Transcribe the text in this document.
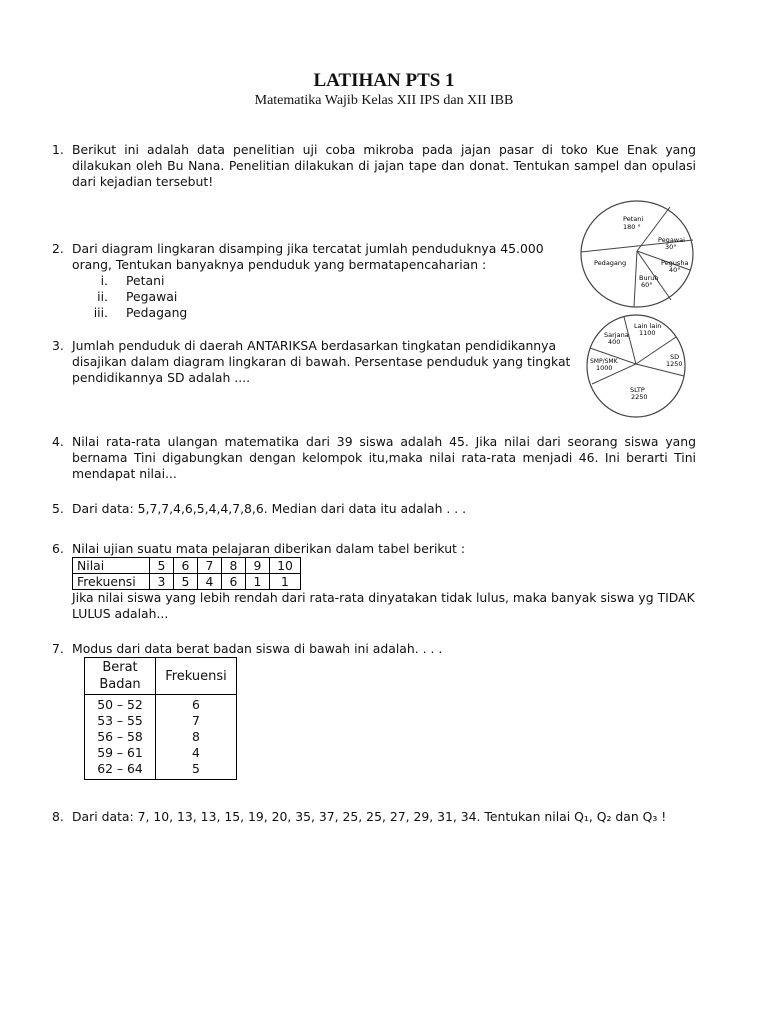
LATIHAN PTS 1
Matematika Wajib Kelas XII IPS dan XII IBB
1. Berikut ini adalah data penelitian uji coba mikroba pada jajan pasar di toko Kue Enak yang dilakukan oleh Bu Nana. Penelitian dilakukan di jajan tape dan donat. Tentukan sampel dan opulasi dari kejadian tersebut!
Petani
180 °
Pegawai
30°
Pegusha
40°
Buruh
60°
Pedagang
2. Dari diagram lingkaran disamping jika tercatat jumlah penduduknya 45.000
orang, Tentukan banyaknya penduduk yang bermatapencaharian :
i. Petani
ii. Pegawai
iii. Pedagang
Lain lain
1100
SD
1250
SLTP
2250
SMP/SMK
1000
Sarjana
400
3. Jumlah penduduk di daerah ANTARIKSA berdasarkan tingkatan pendidikannya
disajikan dalam diagram lingkaran di bawah. Persentase penduduk yang tingkat
pendidikannya SD adalah ....
4. Nilai rata-rata ulangan matematika dari 39 siswa adalah 45. Jika nilai dari seorang siswa yang bernama Tini digabungkan dengan kelompok itu,maka nilai rata-rata menjadi 46. Ini berarti Tini mendapat nilai...
5. Dari data: 5,7,7,4,6,5,4,4,7,8,6. Median dari data itu adalah . . .
6. Nilai ujian suatu mata pelajaran diberikan dalam tabel berikut :
Nilai	5	6	7	8	9	10
Frekuensi	3	5	4	6	1	1
Jika nilai siswa yang lebih rendah dari rata-rata dinyatakan tidak lulus, maka banyak siswa yg TIDAK
LULUS adalah...
7. Modus dari data berat badan siswa di bawah ini adalah. . . .
Berat
Badan	Frekuensi
50 – 52	6
53 – 55	7
56 – 58	8
59 – 61	4
62 – 64	5
8. Dari data: 7, 10, 13, 13, 15, 19, 20, 35, 37, 25, 25, 27, 29, 31, 34. Tentukan nilai Q₁, Q₂ dan Q₃ !
